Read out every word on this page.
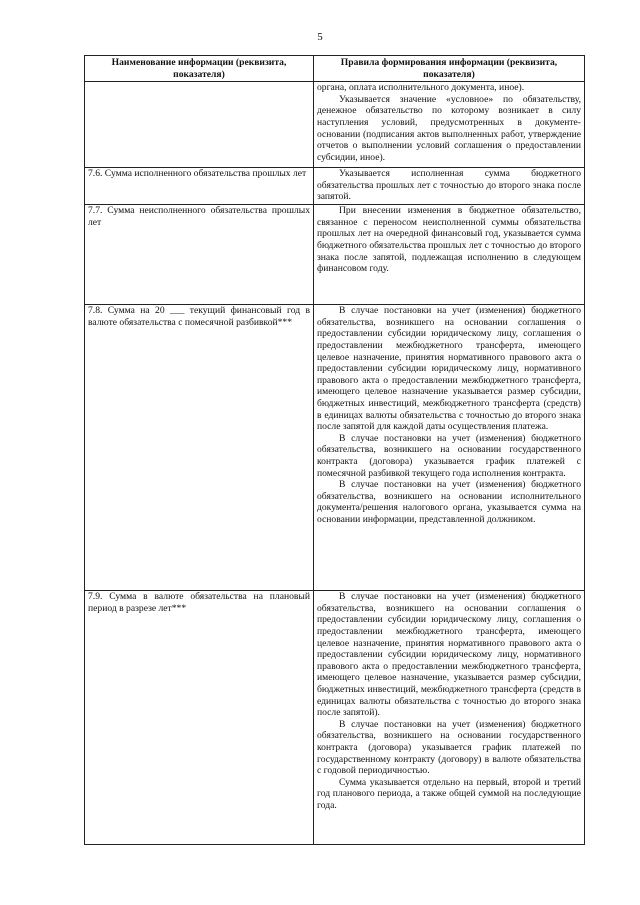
5
Наименование информации (реквизита, показателя)	Правила формирования информации (реквизита, показателя)

	органа, оплата исполнительного документа, иное).

Указывается значение «условное» по обязательству, денежное обязательство по которому возникает в силу наступления условий, предусмотренных в документе-основании (подписания актов выполненных работ, утверждение отчетов о выполнении условий соглашения о предоставлении субсидии, иное).

7.6. Сумма исполненного обязательства прошлых лет	Указывается исполненная сумма бюджетного обязательства прошлых лет с точностью до второго знака после запятой.

7.7. Сумма неисполненного обязательства прошлых лет	При внесении изменения в бюджетное обязательство, связанное с переносом неисполненной суммы обязательства прошлых лет на очередной финансовый год, указывается сумма бюджетного обязательства прошлых лет с точностью до второго знака после запятой, подлежащая исполнению в следующем финансовом году.

7.8. Сумма на 20 ___ текущий финансовый год в валюте обязательства с помесячной разбивкой***	В случае постановки на учет (изменения) бюджетного обязательства, возникшего на основании соглашения о предоставлении субсидии юридическому лицу, соглашения о предоставлении межбюджетного трансферта, имеющего целевое назначение, принятия нормативного правового акта о предоставлении субсидии юридическому лицу, нормативного правового акта о предоставлении межбюджетного трансферта, имеющего целевое назначение указывается размер субсидии, бюджетных инвестиций, межбюджетного трансферта (средств) в единицах валюты обязательства с точностью до второго знака после запятой для каждой даты осуществления платежа.

В случае постановки на учет (изменения) бюджетного обязательства, возникшего на основании государственного контракта (договора) указывается график платежей с помесячной разбивкой текущего года исполнения контракта.

В случае постановки на учет (изменения) бюджетного обязательства, возникшего на основании исполнительного документа/решения налогового органа, указывается сумма на основании информации, представленной должником.

7.9. Сумма в валюте обязательства на плановый период в разрезе лет***	В случае постановки на учет (изменения) бюджетного обязательства, возникшего на основании соглашения о предоставлении субсидии юридическому лицу, соглашения о предоставлении межбюджетного трансферта, имеющего целевое назначение, принятия нормативного правового акта о предоставлении субсидии юридическому лицу, нормативного правового акта о предоставлении межбюджетного трансферта, имеющего целевое назначение, указывается размер субсидии, бюджетных инвестиций, межбюджетного трансферта (средств в единицах валюты обязательства с точностью до второго знака после запятой).

В случае постановки на учет (изменения) бюджетного обязательства, возникшего на основании государственного контракта (договора) указывается график платежей по государственному контракту (договору) в валюте обязательства с годовой периодичностью.

Сумма указывается отдельно на первый, второй и третий год планового периода, а также общей суммой на последующие года.
